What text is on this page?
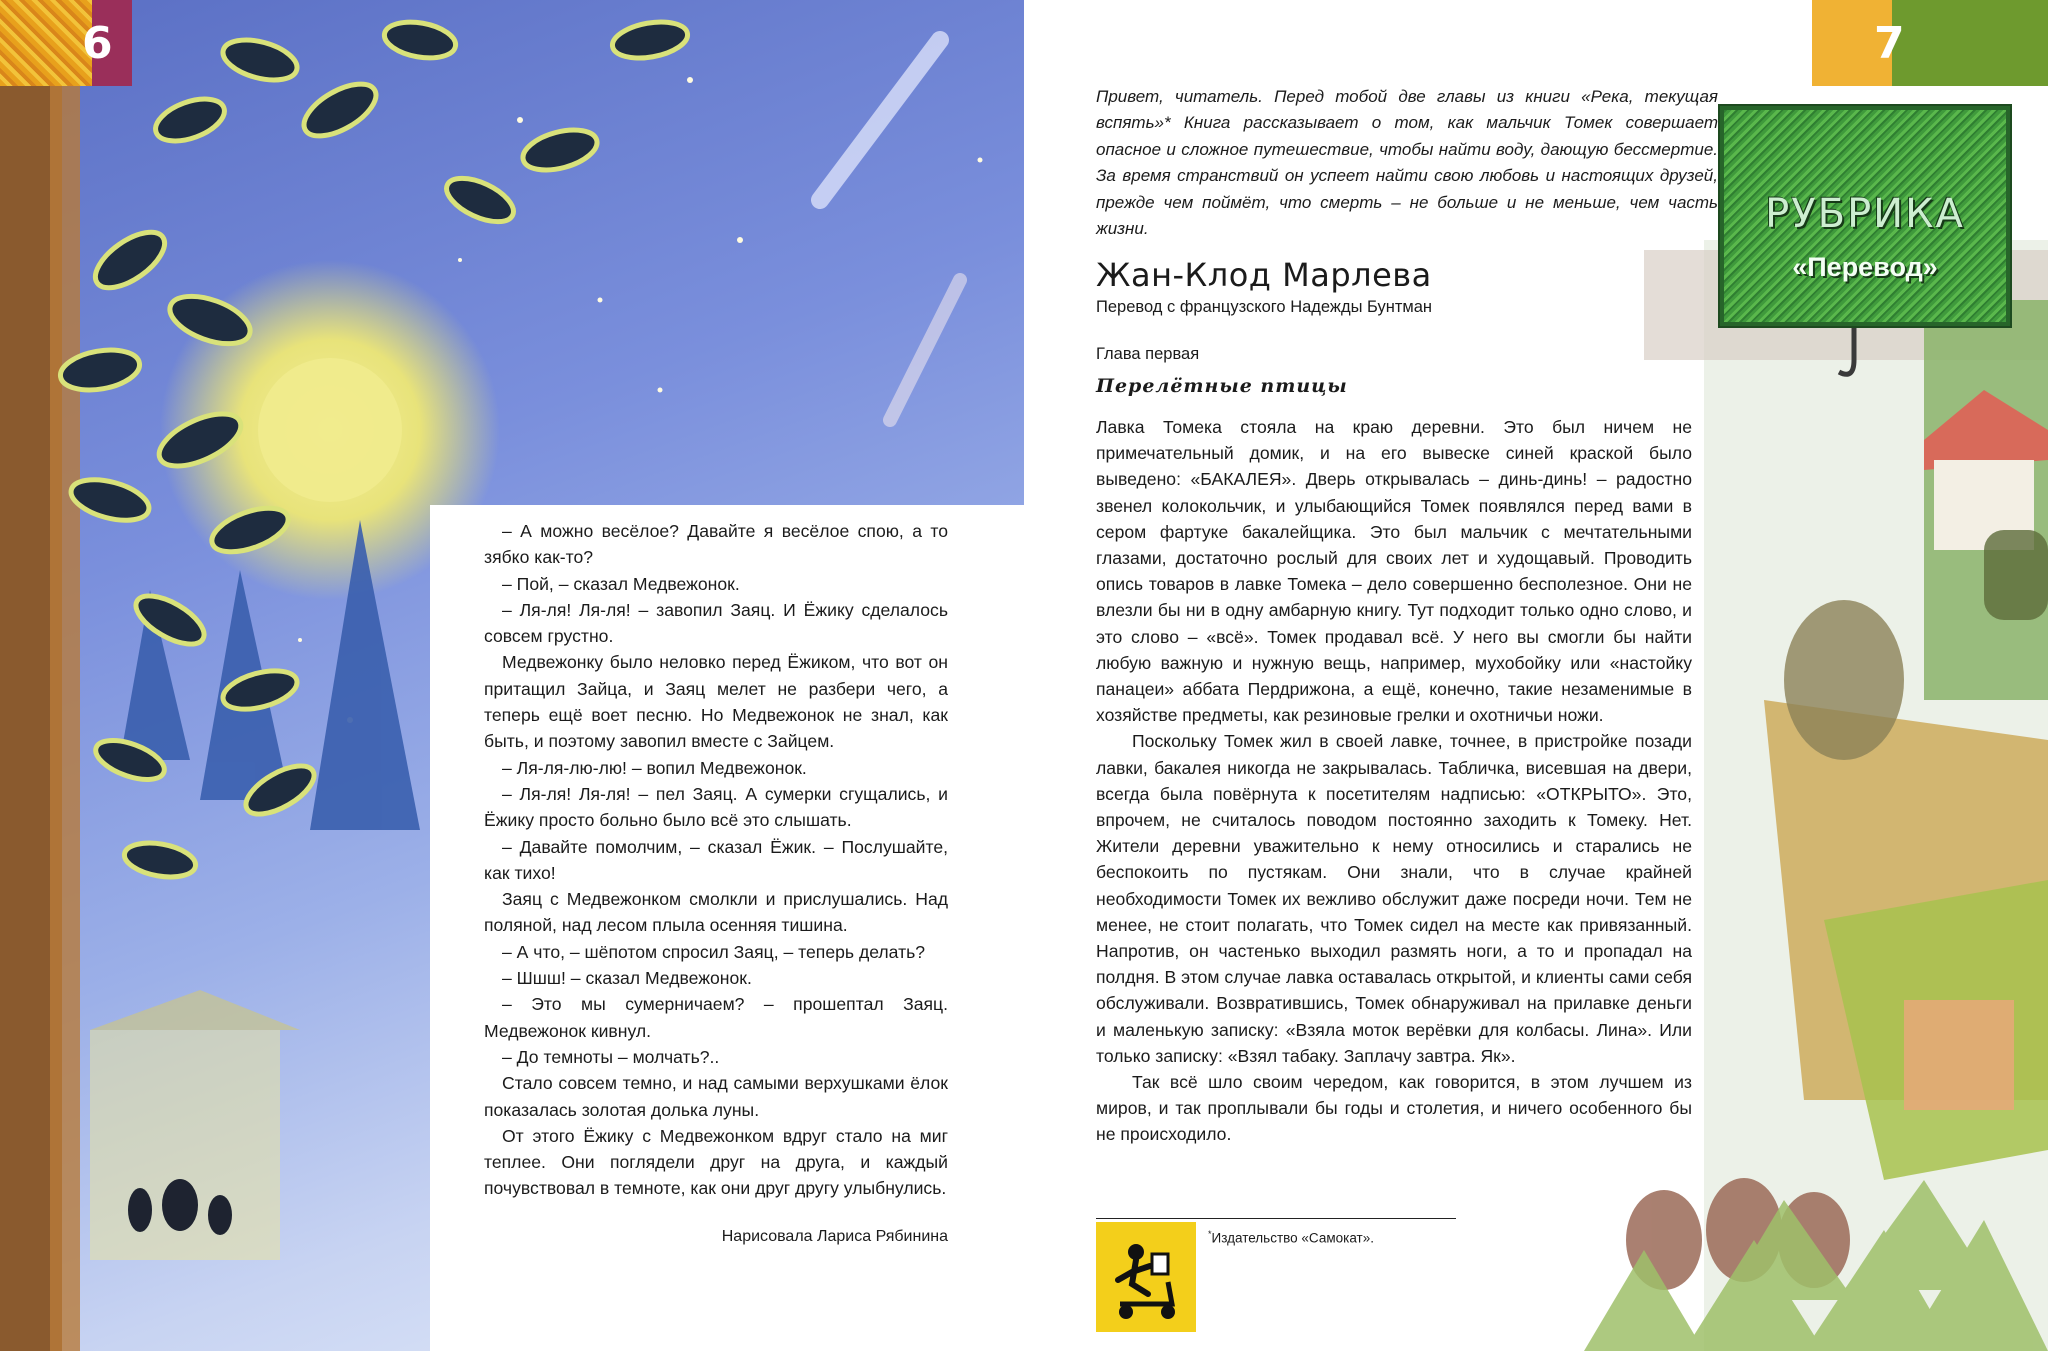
6

– А можно весёлое? Давайте я весёлое спою, а то зябко как-то?

– Пой, – сказал Медвежонок.

– Ля-ля! Ля-ля! – завопил Заяц. И Ёжику сделалось совсем грустно.

Медвежонку было неловко перед Ёжиком, что вот он притащил Зайца, и Заяц мелет не разбери чего, а теперь ещё воет песню. Но Медвежонок не знал, как быть, и поэтому завопил вместе с Зайцем.

– Ля-ля-лю-лю! – вопил Медвежонок.

– Ля-ля! Ля-ля! – пел Заяц. А сумерки сгущались, и Ёжику просто больно было всё это слышать.

– Давайте помолчим, – сказал Ёжик. – Послушайте, как тихо!

Заяц с Медвежонком смолкли и прислушались. Над поляной, над лесом плыла осенняя тишина.

– А что, – шёпотом спросил Заяц, – теперь делать?

– Шшш! – сказал Медвежонок.

– Это мы сумерничаем? – прошептал Заяц. Медвежонок кивнул.

– До темноты – молчать?..

Стало совсем темно, и над самыми верхушками ёлок показалась золотая долька луны.

От этого Ёжику с Медвежонком вдруг стало на миг теплее. Они поглядели друг на друга, и каждый почувствовал в темноте, как они друг другу улыбнулись.

Нарисовала Лариса Рябинина
7
Привет, читатель. Перед тобой две главы из книги «Река, текущая вспять»* Книга рассказывает о том, как мальчик Томек совершает опасное и сложное путешествие, чтобы найти воду, дающую бессмертие. За время странствий он успеет найти свою любовь и настоящих друзей, прежде чем поймёт, что смерть – не больше и не меньше, чем часть жизни.
Жан-Клод Марлева
Перевод с французского Надежды Бунтман
Глава первая
Перелётные птицы

Лавка Томека стояла на краю деревни. Это был ничем не примечательный домик, и на его вывеске синей краской было выведено: «БАКАЛЕЯ». Дверь открывалась – динь-динь! – радостно звенел колокольчик, и улыбающийся Томек появлялся перед вами в сером фартуке бакалейщика. Это был мальчик с мечтательными глазами, достаточно рослый для своих лет и худощавый. Проводить опись товаров в лавке Томека – дело совершенно бесполезное. Они не влезли бы ни в одну амбарную книгу. Тут подходит только одно слово, и это слово – «всё». Томек продавал всё. У него вы смогли бы найти любую важную и нужную вещь, например, мухобойку или «настойку панацеи» аббата Пердрижона, а ещё, конечно, такие незаменимые в хозяйстве предметы, как резиновые грелки и охотничьи ножи.

Поскольку Томек жил в своей лавке, точнее, в пристройке позади лавки, бакалея никогда не закрывалась. Табличка, висевшая на двери, всегда была повёрнута к посетителям надписью: «ОТКРЫТО». Это, впрочем, не считалось поводом постоянно заходить к Томеку. Нет. Жители деревни уважительно к нему относились и старались не беспокоить по пустякам. Они знали, что в случае крайней необходимости Томек их вежливо обслужит даже посреди ночи. Тем не менее, не стоит полагать, что Томек сидел на месте как привязанный. Напротив, он частенько выходил размять ноги, а то и пропадал на полдня. В этом случае лавка оставалась открытой, и клиенты сами себя обслуживали. Возвратившись, Томек обнаруживал на прилавке деньги и маленькую записку: «Взяла моток верёвки для колбасы. Лина». Или только записку: «Взял табаку. Заплачу завтра. Як».

Так всё шло своим чередом, как говорится, в этом лучшем из миров, и так проплывали бы годы и столетия, и ничего особенного бы не происходило.

РУБРИКА
«Перевод»
*Издательство «Самокат».
